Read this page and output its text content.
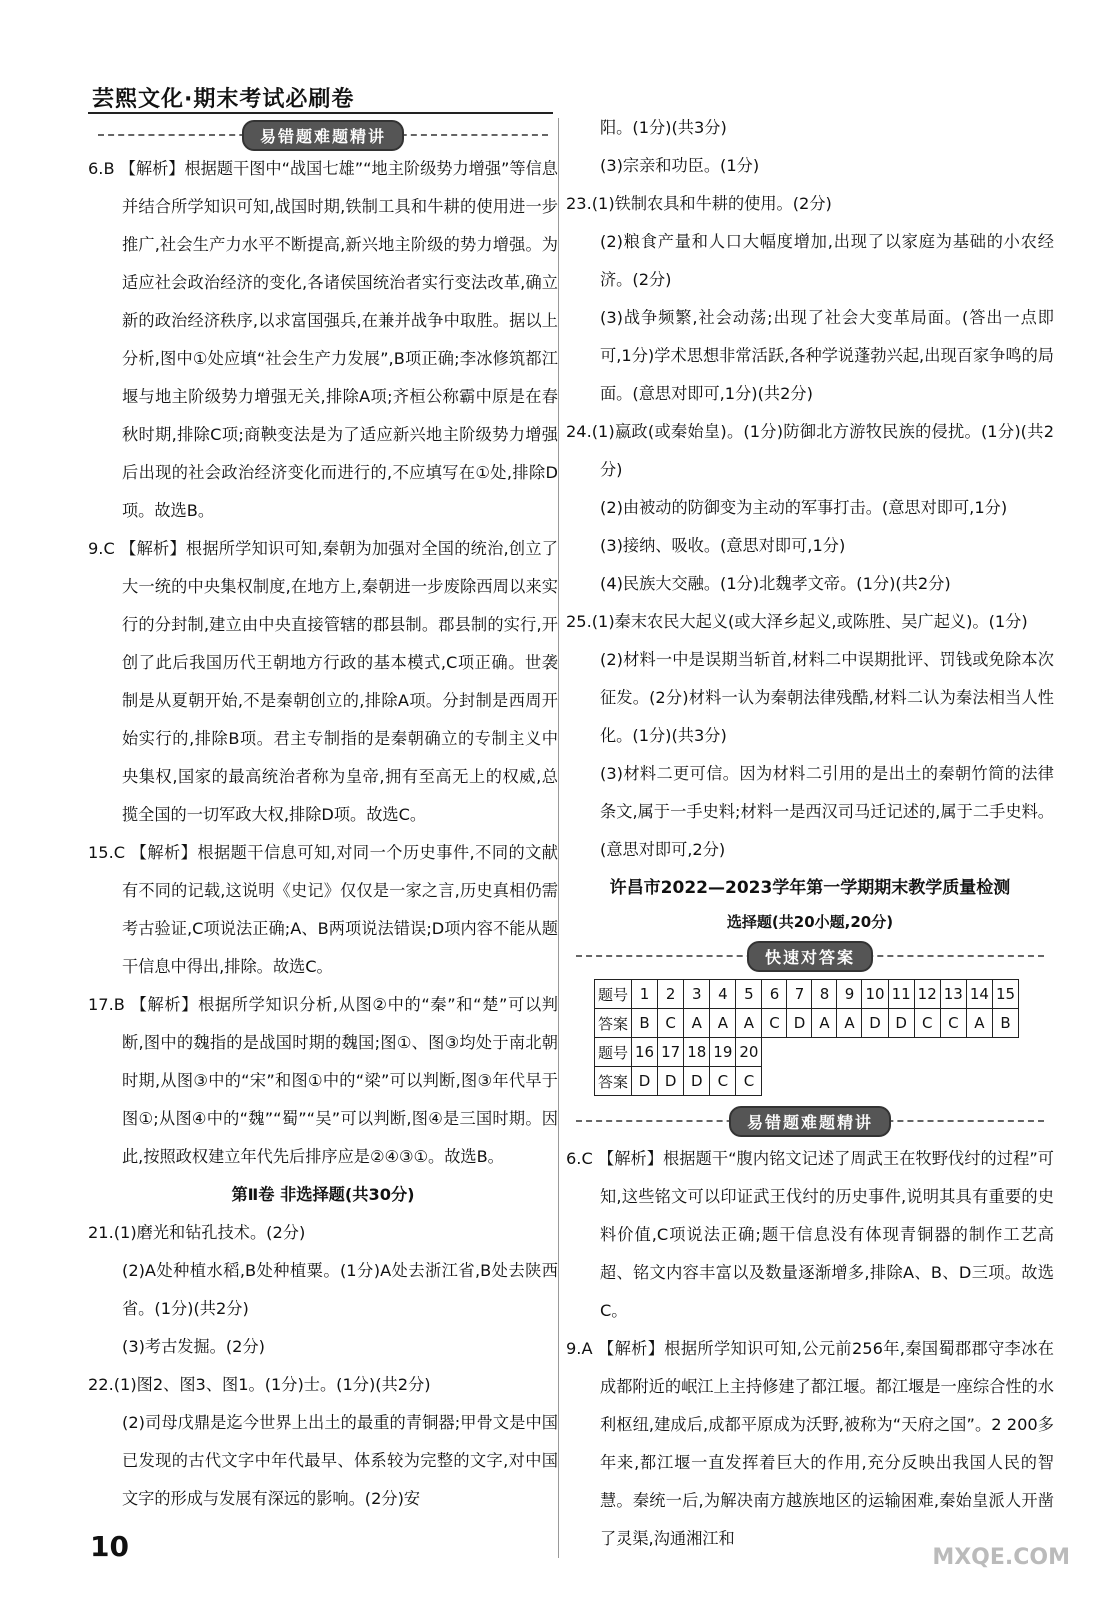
芸熙文化·期末考试必刷卷
易错题难题精讲
6.B 【解析】根据题干图中“战国七雄”“地主阶级势力增强”等信息并结合所学知识可知,战国时期,铁制工具和牛耕的使用进一步推广,社会生产力水平不断提高,新兴地主阶级的势力增强。为适应社会政治经济的变化,各诸侯国统治者实行变法改革,确立新的政治经济秩序,以求富国强兵,在兼并战争中取胜。据以上分析,图中①处应填“社会生产力发展”,B项正确;李冰修筑都江堰与地主阶级势力增强无关,排除A项;齐桓公称霸中原是在春秋时期,排除C项;商鞅变法是为了适应新兴地主阶级势力增强后出现的社会政治经济变化而进行的,不应填写在①处,排除D项。故选B。
9.C 【解析】根据所学知识可知,秦朝为加强对全国的统治,创立了大一统的中央集权制度,在地方上,秦朝进一步废除西周以来实行的分封制,建立由中央直接管辖的郡县制。郡县制的实行,开创了此后我国历代王朝地方行政的基本模式,C项正确。世袭制是从夏朝开始,不是秦朝创立的,排除A项。分封制是西周开始实行的,排除B项。君主专制指的是秦朝确立的专制主义中央集权,国家的最高统治者称为皇帝,拥有至高无上的权威,总揽全国的一切军政大权,排除D项。故选C。
15.C 【解析】根据题干信息可知,对同一个历史事件,不同的文献有不同的记载,这说明《史记》仅仅是一家之言,历史真相仍需考古验证,C项说法正确;A、B两项说法错误;D项内容不能从题干信息中得出,排除。故选C。
17.B 【解析】根据所学知识分析,从图②中的“秦”和“楚”可以判断,图中的魏指的是战国时期的魏国;图①、图③均处于南北朝时期,从图③中的“宋”和图①中的“梁”可以判断,图③年代早于图①;从图④中的“魏”“蜀”“吴”可以判断,图④是三国时期。因此,按照政权建立年代先后排序应是②④③①。故选B。
第Ⅱ卷 非选择题(共30分)
21.(1)磨光和钻孔技术。(2分)
(2)A处种植水稻,B处种植粟。(1分)A处去浙江省,B处去陕西省。(1分)(共2分)
(3)考古发掘。(2分)
22.(1)图2、图3、图1。(1分)士。(1分)(共2分)
(2)司母戊鼎是迄今世界上出土的最重的青铜器;甲骨文是中国已发现的古代文字中年代最早、体系较为完整的文字,对中国文字的形成与发展有深远的影响。(2分)安
阳。(1分)(共3分)
(3)宗亲和功臣。(1分)
23.(1)铁制农具和牛耕的使用。(2分)
(2)粮食产量和人口大幅度增加,出现了以家庭为基础的小农经济。(2分)
(3)战争频繁,社会动荡;出现了社会大变革局面。(答出一点即可,1分)学术思想非常活跃,各种学说蓬勃兴起,出现百家争鸣的局面。(意思对即可,1分)(共2分)
24.(1)嬴政(或秦始皇)。(1分)防御北方游牧民族的侵扰。(1分)(共2分)
(2)由被动的防御变为主动的军事打击。(意思对即可,1分)
(3)接纳、吸收。(意思对即可,1分)
(4)民族大交融。(1分)北魏孝文帝。(1分)(共2分)
25.(1)秦末农民大起义(或大泽乡起义,或陈胜、吴广起义)。(1分)
(2)材料一中是误期当斩首,材料二中误期批评、罚钱或免除本次征发。(2分)材料一认为秦朝法律残酷,材料二认为秦法相当人性化。(1分)(共3分)
(3)材料二更可信。因为材料二引用的是出土的秦朝竹简的法律条文,属于一手史料;材料一是西汉司马迁记述的,属于二手史料。(意思对即可,2分)
许昌市2022—2023学年第一学期期末教学质量检测
选择题(共20小题,20分)
快速对答案
题号	1	2	3	4	5	6	7	8	9	10	11	12	13	14	15
答案	B	C	A	A	A	C	D	A	A	D	D	C	C	A	B
题号	16	17	18	19	20										
答案	D	D	D	C	C										
易错题难题精讲
6.C 【解析】根据题干“腹内铭文记述了周武王在牧野伐纣的过程”可知,这些铭文可以印证武王伐纣的历史事件,说明其具有重要的史料价值,C项说法正确;题干信息没有体现青铜器的制作工艺高超、铭文内容丰富以及数量逐渐增多,排除A、B、D三项。故选C。
9.A 【解析】根据所学知识可知,公元前256年,秦国蜀郡郡守李冰在成都附近的岷江上主持修建了都江堰。都江堰是一座综合性的水利枢纽,建成后,成都平原成为沃野,被称为“天府之国”。2 200多年来,都江堰一直发挥着巨大的作用,充分反映出我国人民的智慧。秦统一后,为解决南方越族地区的运输困难,秦始皇派人开凿了灵渠,沟通湘江和
10	MXQE.COM
